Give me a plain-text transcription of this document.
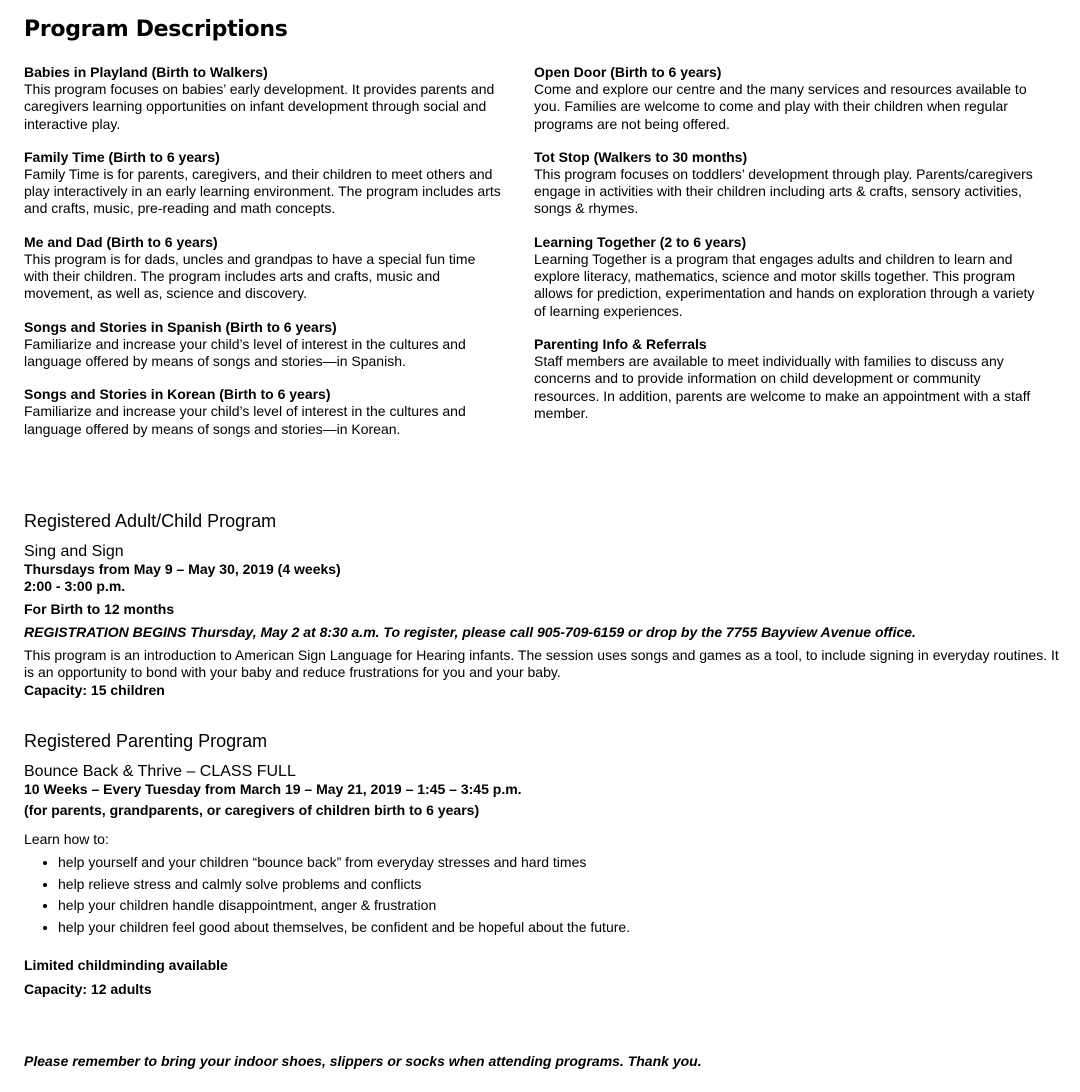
Program Descriptions
Babies in Playland (Birth to Walkers)

This program focuses on babies’ early development. It provides parents and caregivers learning opportunities on infant development through social and interactive play.

Family Time (Birth to 6 years)

Family Time is for parents, caregivers, and their children to meet others and play interactively in an early learning environment. The program includes arts and crafts, music, pre-reading and math concepts.

Me and Dad (Birth to 6 years)

This program is for dads, uncles and grandpas to have a special fun time with their children. The program includes arts and crafts, music and movement, as well as, science and discovery.

Songs and Stories in Spanish (Birth to 6 years)

Familiarize and increase your child’s level of interest in the cultures and language offered by means of songs and stories—in Spanish.

Songs and Stories in Korean (Birth to 6 years)

Familiarize and increase your child’s level of interest in the cultures and language offered by means of songs and stories—in Korean.

Open Door (Birth to 6 years)

Come and explore our centre and the many services and resources available to you. Families are welcome to come and play with their children when regular programs are not being offered.

Tot Stop (Walkers to 30 months)

This program focuses on toddlers’ development through play. Parents/caregivers engage in activities with their children including arts & crafts, sensory activities, songs & rhymes.

Learning Together (2 to 6 years)

Learning Together is a program that engages adults and children to learn and explore literacy, mathematics, science and motor skills together. This program allows for prediction, experimentation and hands on exploration through a variety of learning experiences.

Parenting Info & Referrals

Staff members are available to meet individually with families to discuss any concerns and to provide information on child development or community resources. In addition, parents are welcome to make an appointment with a staff member.

Registered Adult/Child Program
Sing and Sign

Thursdays from May 9 – May 30, 2019 (4 weeks)

2:00 - 3:00 p.m.

For Birth to 12 months

REGISTRATION BEGINS Thursday, May 2 at 8:30 a.m. To register, please call 905-709-6159 or drop by the 7755 Bayview Avenue office.

This program is an introduction to American Sign Language for Hearing infants. The session uses songs and games as a tool, to include signing in everyday routines. It is an opportunity to bond with your baby and reduce frustrations for you and your baby.

Capacity: 15 children

Registered Parenting Program
Bounce Back & Thrive – CLASS FULL

10 Weeks – Every Tuesday from March 19 – May 21, 2019 – 1:45 – 3:45 p.m.

(for parents, grandparents, or caregivers of children birth to 6 years)

Learn how to:

• help yourself and your children “bounce back” from everyday stresses and hard times
• help relieve stress and calmly solve problems and conflicts
• help your children handle disappointment, anger & frustration
• help your children feel good about themselves, be confident and be hopeful about the future.

Limited childminding available

Capacity: 12 adults

Please remember to bring your indoor shoes, slippers or socks when attending programs. Thank you.
